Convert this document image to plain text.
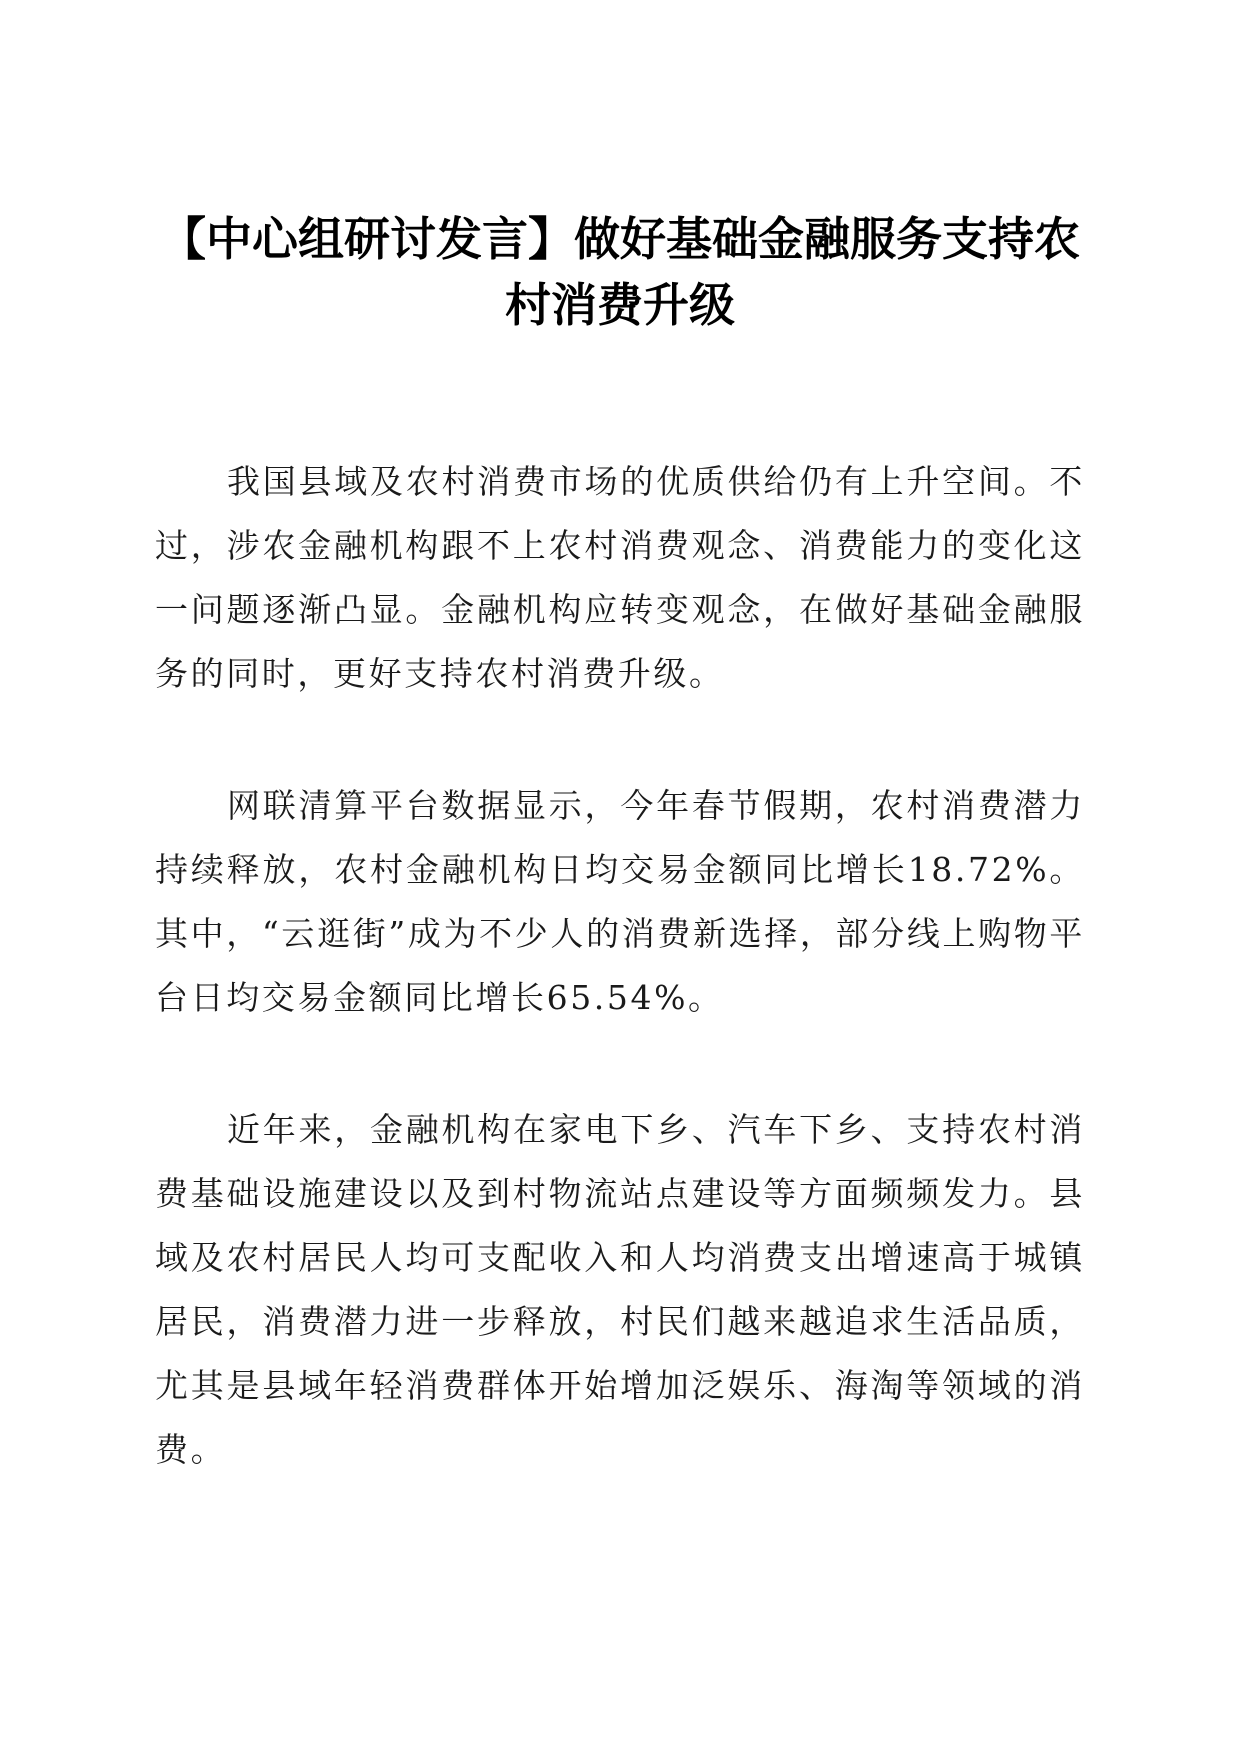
【中心组研讨发言】做好基础金融服务支持农村消费升级

我国县域及农村消费市场的优质供给仍有上升空间。不过，涉农金融机构跟不上农村消费观念、消费能力的变化这一问题逐渐凸显。金融机构应转变观念，在做好基础金融服务的同时，更好支持农村消费升级。

网联清算平台数据显示，今年春节假期，农村消费潜力持续释放，农村金融机构日均交易金额同比增长18.72%。其中，“云逛街”成为不少人的消费新选择，部分线上购物平台日均交易金额同比增长65.54%。

近年来，金融机构在家电下乡、汽车下乡、支持农村消费基础设施建设以及到村物流站点建设等方面频频发力。县域及农村居民人均可支配收入和人均消费支出增速高于城镇居民，消费潜力进一步释放，村民们越来越追求生活品质，尤其是县域年轻消费群体开始增加泛娱乐、海淘等领域的消费。
